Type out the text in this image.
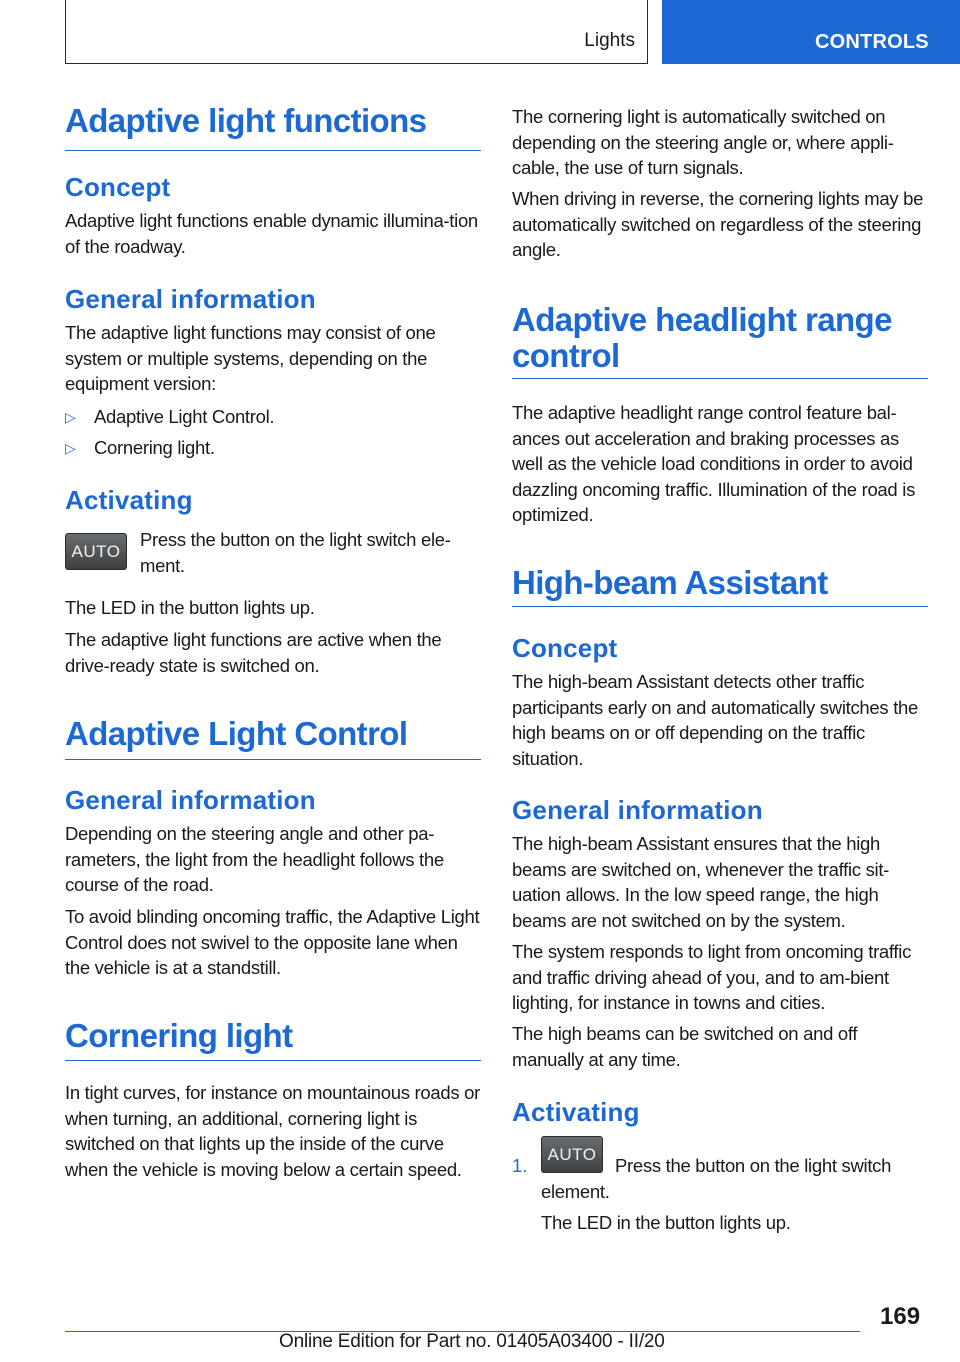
Lights	CONTROLS
Adaptive light functions
Concept

Adaptive light functions enable dynamic illumina‐tion of the roadway.

General information

The adaptive light functions may consist of one system or multiple systems, depending on the equipment version:

▷ Adaptive Light Control.
▷ Cornering light.
Activating
AUTO

Press the button on the light switch ele‐ment.

The LED in the button lights up.

The adaptive light functions are active when the drive-ready state is switched on.

Adaptive Light Control
General information

Depending on the steering angle and other pa‐rameters, the light from the headlight follows the course of the road.

To avoid blinding oncoming traffic, the Adaptive Light Control does not swivel to the opposite lane when the vehicle is at a standstill.

Cornering light

In tight curves, for instance on mountainous roads or when turning, an additional, cornering light is switched on that lights up the inside of the curve when the vehicle is moving below a certain speed.

The cornering light is automatically switched on depending on the steering angle or, where appli‐cable, the use of turn signals.

When driving in reverse, the cornering lights may be automatically switched on regardless of the steering angle.

Adaptive headlight range control

The adaptive headlight range control feature bal‐ances out acceleration and braking processes as well as the vehicle load conditions in order to avoid dazzling oncoming traffic. Illumination of the road is optimized.

High-beam Assistant
Concept

The high-beam Assistant detects other traffic participants early on and automatically switches the high beams on or off depending on the traffic situation.

General information

The high-beam Assistant ensures that the high beams are switched on, whenever the traffic sit‐uation allows. In the low speed range, the high beams are not switched on by the system.

The system responds to light from oncoming traffic and traffic driving ahead of you, and to am‐bient lighting, for instance in towns and cities.

The high beams can be switched on and off manually at any time.

Activating
1.
AUTO

Press the button on the light switch element.

The LED in the button lights up.

169
Online Edition for Part no. 01405A03400 - II/20
